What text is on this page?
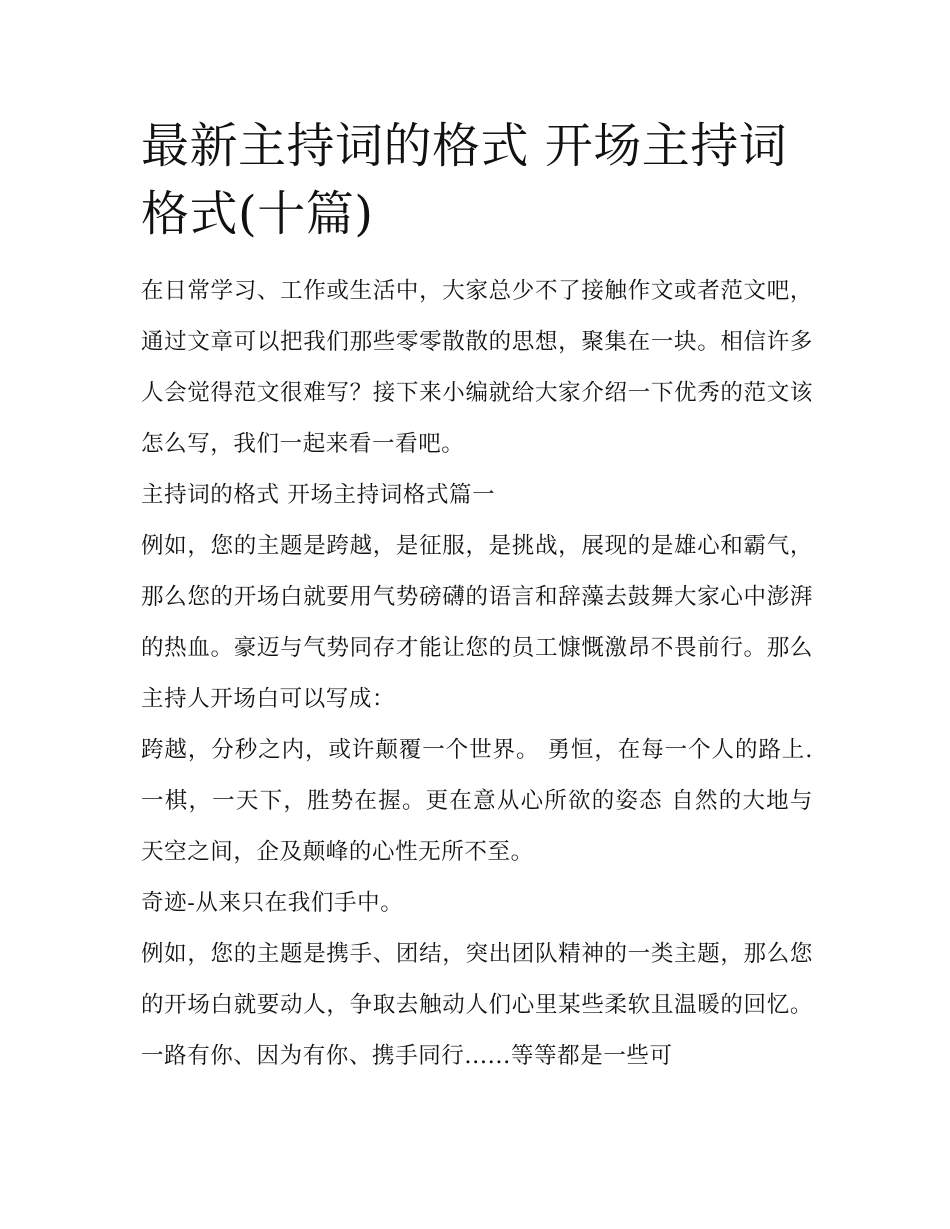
最新主持词的格式 开场主持词格式(十篇)

在日常学习、工作或生活中，大家总少不了接触作文或者范文吧，通过文章可以把我们那些零零散散的思想，聚集在一块。相信许多人会觉得范文很难写？接下来小编就给大家介绍一下优秀的范文该怎么写，我们一起来看一看吧。

主持词的格式 开场主持词格式篇一

例如，您的主题是跨越，是征服，是挑战，展现的是雄心和霸气，那么您的开场白就要用气势磅礴的语言和辞藻去鼓舞大家心中澎湃的热血。豪迈与气势同存才能让您的员工慷慨激昂不畏前行。那么主持人开场白可以写成：

跨越，分秒之内，或许颠覆一个世界。 勇恒，在每一个人的路上.一棋，一天下，胜势在握。更在意从心所欲的姿态 自然的大地与天空之间，企及颠峰的心性无所不至。

奇迹-从来只在我们手中。

例如，您的主题是携手、团结，突出团队精神的一类主题，那么您的开场白就要动人，争取去触动人们心里某些柔软且温暖的回忆。一路有你、因为有你、携手同行......等等都是一些可
